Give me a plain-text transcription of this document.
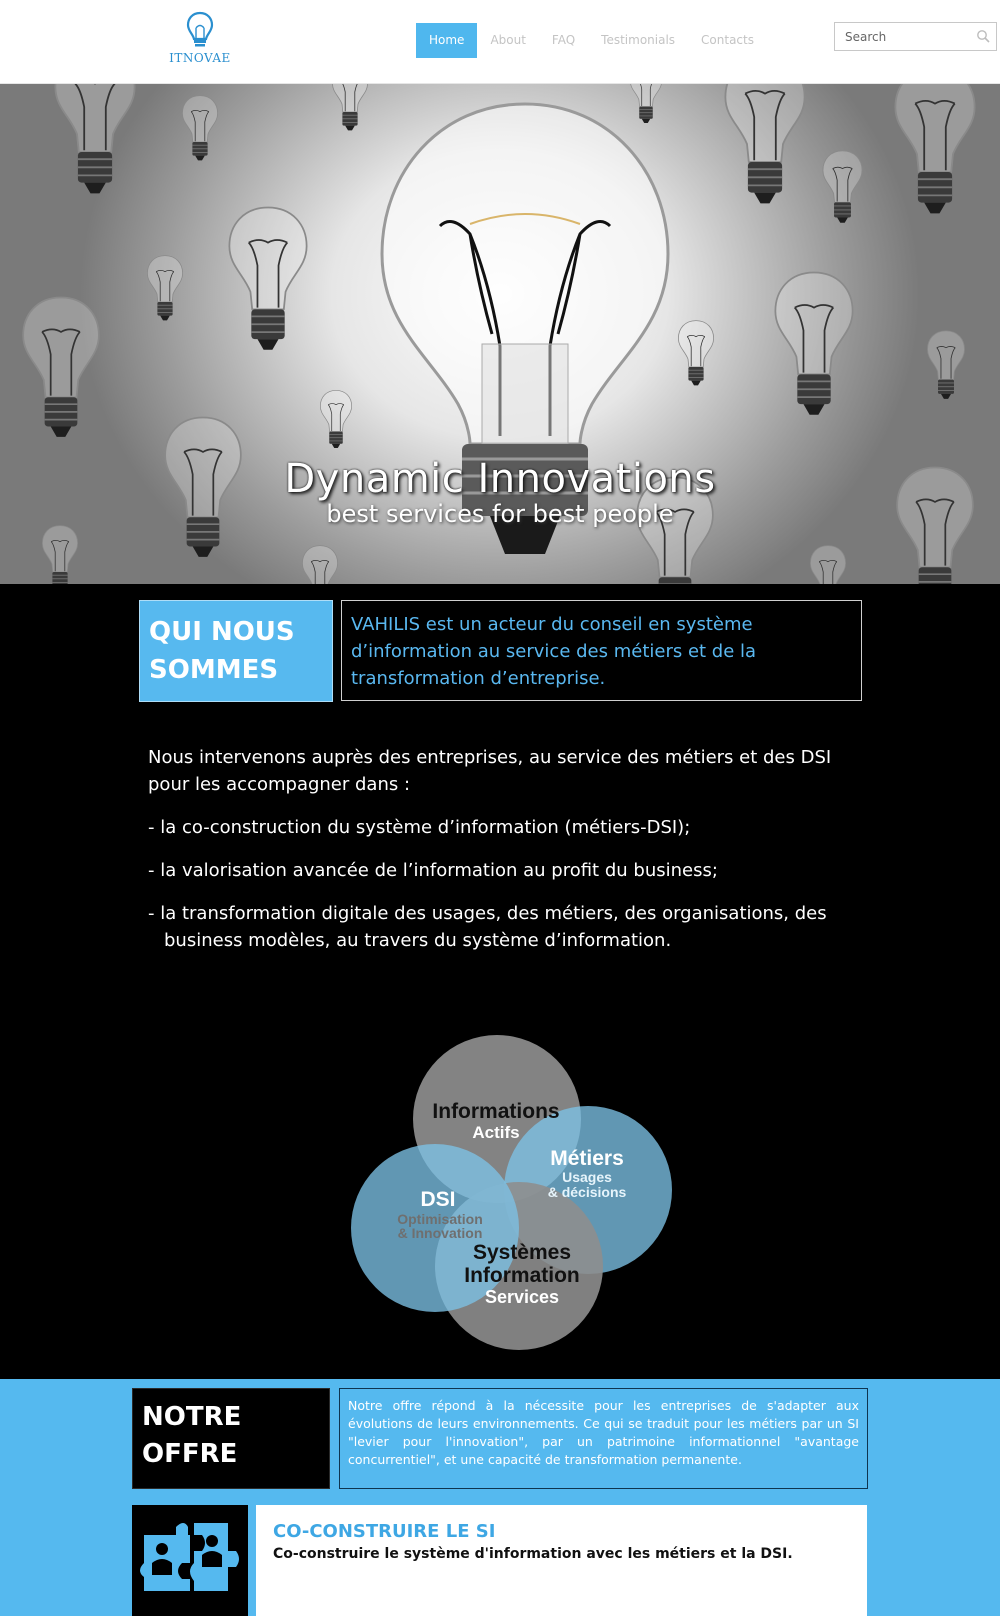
ITNOVAE
Home	About	FAQ	Testimonials	Contacts
Search
Dynamic Innovations
best services for best people
QUI NOUS
SOMMES
VAHILIS est un acteur du conseil en système d’information au service des métiers et de la transformation d’entreprise.

Nous intervenons auprès des entreprises, au service des métiers et des DSI pour les accompagner dans :

- la co-construction du système d’information (métiers-DSI);

- la valorisation avancée de l’information au profit du business;

- la transformation digitale des usages, des métiers, des organisations, des business modèles, au travers du système d’information.

Informations
Actifs
Métiers
Usages
& décisions
DSI
Optimisation
& Innovation
Systèmes
Information
Services
NOTRE
OFFRE
Notre offre répond à la nécessite pour les entreprises de s'adapter aux évolutions de leurs environnements. Ce qui se traduit pour les métiers par un SI "levier pour l'innovation", par un patrimoine informationnel "avantage concurrentiel", et une capacité de transformation permanente.
CO-CONSTRUIRE LE SI
Co-construire le système d'information avec les métiers et la DSI.
